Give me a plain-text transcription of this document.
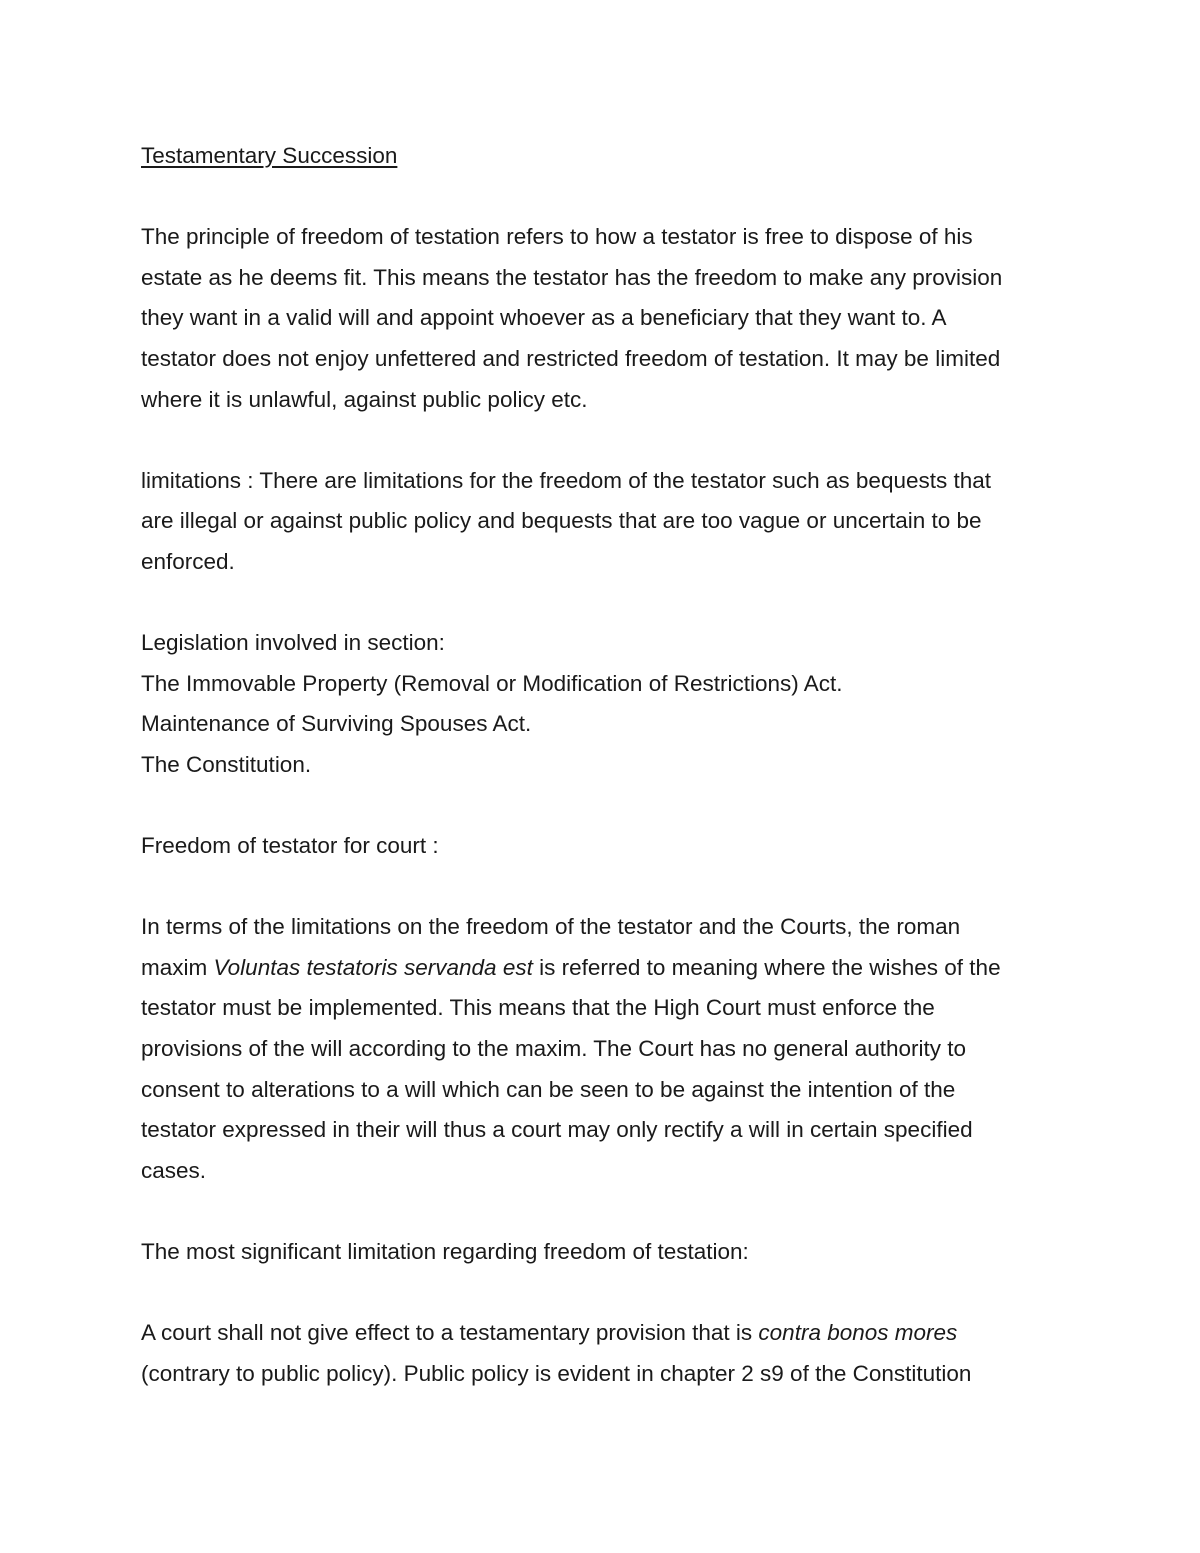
Testamentary Succession
The principle of freedom of testation refers to how a testator is free to dispose of his
estate as he deems fit. This means the testator has the freedom to make any provision
they want in a valid will and appoint whoever as a beneficiary that they want to. A
testator does not enjoy unfettered and restricted freedom of testation. It may be limited
where it is unlawful, against public policy etc.
limitations : There are limitations for the freedom of the testator such as bequests that
are illegal or against public policy and bequests that are too vague or uncertain to be
enforced.
Legislation involved in section:
The Immovable Property (Removal or Modification of Restrictions) Act.
Maintenance of Surviving Spouses Act.
The Constitution.
Freedom of testator for court :
In terms of the limitations on the freedom of the testator and the Courts, the roman
maxim Voluntas testatoris servanda est is referred to meaning where the wishes of the
testator must be implemented. This means that the High Court must enforce the
provisions of the will according to the maxim. The Court has no general authority to
consent to alterations to a will which can be seen to be against the intention of the
testator expressed in their will thus a court may only rectify a will in certain specified
cases.
The most significant limitation regarding freedom of testation:
A court shall not give effect to a testamentary provision that is contra bonos mores
(contrary to public policy). Public policy is evident in chapter 2 s9 of the Constitution
